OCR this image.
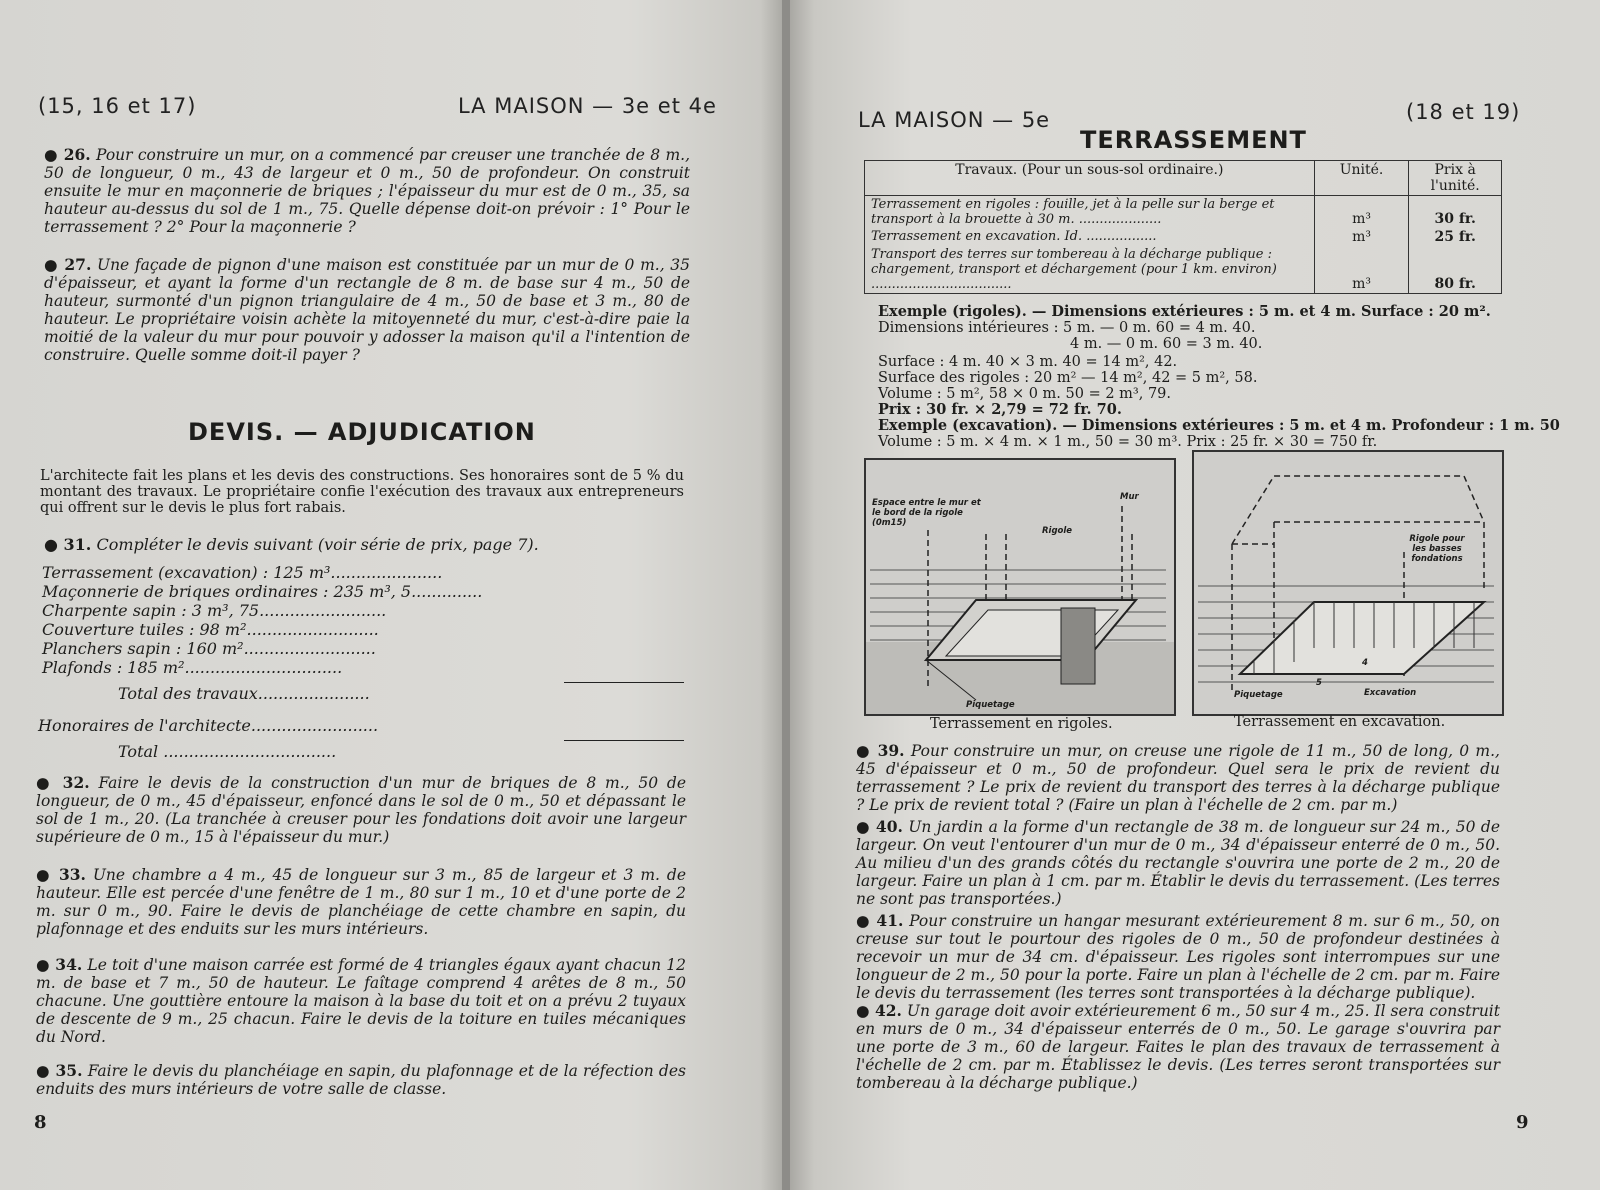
(15, 16 et 17)	LA MAISON — 3e et 4e

● 26. Pour construire un mur, on a commencé par creuser une tranchée de 8 m., 50 de longueur, 0 m., 43 de largeur et 0 m., 50 de profondeur. On construit ensuite le mur en maçonnerie de briques ; l'épaisseur du mur est de 0 m., 35, sa hauteur au-dessus du sol de 1 m., 75. Quelle dépense doit-on prévoir : 1° Pour le terrassement ? 2° Pour la maçonnerie ?

● 27. Une façade de pignon d'une maison est constituée par un mur de 0 m., 35 d'épaisseur, et ayant la forme d'un rectangle de 8 m. de base sur 4 m., 50 de hauteur, surmonté d'un pignon triangulaire de 4 m., 50 de base et 3 m., 80 de hauteur. Le propriétaire voisin achète la mitoyenneté du mur, c'est-à-dire paie la moitié de la valeur du mur pour pouvoir y adosser la maison qu'il a l'intention de construire. Quelle somme doit-il payer ?

DEVIS. — ADJUDICATION

L'architecte fait les plans et les devis des constructions. Ses honoraires sont de 5 % du montant des travaux. Le propriétaire confie l'exécution des travaux aux entrepreneurs qui offrent sur le devis le plus fort rabais.

● 31. Compléter le devis suivant (voir série de prix, page 7).

Terrassement (excavation) : 125 m³......................
Maçonnerie de briques ordinaires : 235 m³, 5..............
Charpente sapin : 3 m³, 75.........................
Couverture tuiles : 98 m²..........................
Planchers sapin : 160 m²..........................
Plafonds : 185 m²...............................
Total des travaux......................
Honoraires de l'architecte.........................
Total ..................................

● 32. Faire le devis de la construction d'un mur de briques de 8 m., 50 de longueur, de 0 m., 45 d'épaisseur, enfoncé dans le sol de 0 m., 50 et dépassant le sol de 1 m., 20. (La tranchée à creuser pour les fondations doit avoir une largeur supérieure de 0 m., 15 à l'épaisseur du mur.)

● 33. Une chambre a 4 m., 45 de longueur sur 3 m., 85 de largeur et 3 m. de hauteur. Elle est percée d'une fenêtre de 1 m., 80 sur 1 m., 10 et d'une porte de 2 m. sur 0 m., 90. Faire le devis de planchéiage de cette chambre en sapin, du plafonnage et des enduits sur les murs intérieurs.

● 34. Le toit d'une maison carrée est formé de 4 triangles égaux ayant chacun 12 m. de base et 7 m., 50 de hauteur. Le faîtage comprend 4 arêtes de 8 m., 50 chacune. Une gouttière entoure la maison à la base du toit et on a prévu 2 tuyaux de descente de 9 m., 25 chacun. Faire le devis de la toiture en tuiles mécaniques du Nord.

● 35. Faire le devis du planchéiage en sapin, du plafonnage et de la réfection des enduits des murs intérieurs de votre salle de classe.

8
LA MAISON — 5e	(18 et 19)
TERRASSEMENT
Travaux. (Pour un sous-sol ordinaire.)	Unité.	Prix à l'unité.
Terrassement en rigoles : fouille, jet à la pelle sur la berge et transport à la brouette à 30 m. ....................	m³	30 fr.
Terrassement en excavation. Id. .................	m³	25 fr.
Transport des terres sur tombereau à la décharge publique : chargement, transport et déchargement (pour 1 km. environ) ..................................	m³	80 fr.
Exemple (rigoles). — Dimensions extérieures : 5 m. et 4 m. Surface : 20 m².
Dimensions intérieures : 5 m. — 0 m. 60 = 4 m. 40.
4 m. — 0 m. 60 = 3 m. 40.
Surface : 4 m. 40 × 3 m. 40 = 14 m², 42.
Surface des rigoles : 20 m² — 14 m², 42 = 5 m², 58.
Volume : 5 m², 58 × 0 m. 50 = 2 m³, 79.
Prix : 30 fr. × 2,79 = 72 fr. 70.
Exemple (excavation). — Dimensions extérieures : 5 m. et 4 m. Profondeur : 1 m. 50
Volume : 5 m. × 4 m. × 1 m., 50 = 30 m³. Prix : 25 fr. × 30 = 750 fr.
Espace entre le mur et le bord de la rigole (0m15)
Mur
Rigole
Piquetage
Terrassement en rigoles.
Rigole pour les basses fondations
Piquetage	Excavation
4
5
Terrassement en excavation.

● 39. Pour construire un mur, on creuse une rigole de 11 m., 50 de long, 0 m., 45 d'épaisseur et 0 m., 50 de profondeur. Quel sera le prix de revient du terrassement ? Le prix de revient du transport des terres à la décharge publique ? Le prix de revient total ? (Faire un plan à l'échelle de 2 cm. par m.)

● 40. Un jardin a la forme d'un rectangle de 38 m. de longueur sur 24 m., 50 de largeur. On veut l'entourer d'un mur de 0 m., 34 d'épaisseur enterré de 0 m., 50. Au milieu d'un des grands côtés du rectangle s'ouvrira une porte de 2 m., 20 de largeur. Faire un plan à 1 cm. par m. Établir le devis du terrassement. (Les terres ne sont pas transportées.)

● 41. Pour construire un hangar mesurant extérieurement 8 m. sur 6 m., 50, on creuse sur tout le pourtour des rigoles de 0 m., 50 de profondeur destinées à recevoir un mur de 34 cm. d'épaisseur. Les rigoles sont interrompues sur une longueur de 2 m., 50 pour la porte. Faire un plan à l'échelle de 2 cm. par m. Faire le devis du terrassement (les terres sont transportées à la décharge publique).

● 42. Un garage doit avoir extérieurement 6 m., 50 sur 4 m., 25. Il sera construit en murs de 0 m., 34 d'épaisseur enterrés de 0 m., 50. Le garage s'ouvrira par une porte de 3 m., 60 de largeur. Faites le plan des travaux de terrassement à l'échelle de 2 cm. par m. Établissez le devis. (Les terres seront transportées sur tombereau à la décharge publique.)

9
